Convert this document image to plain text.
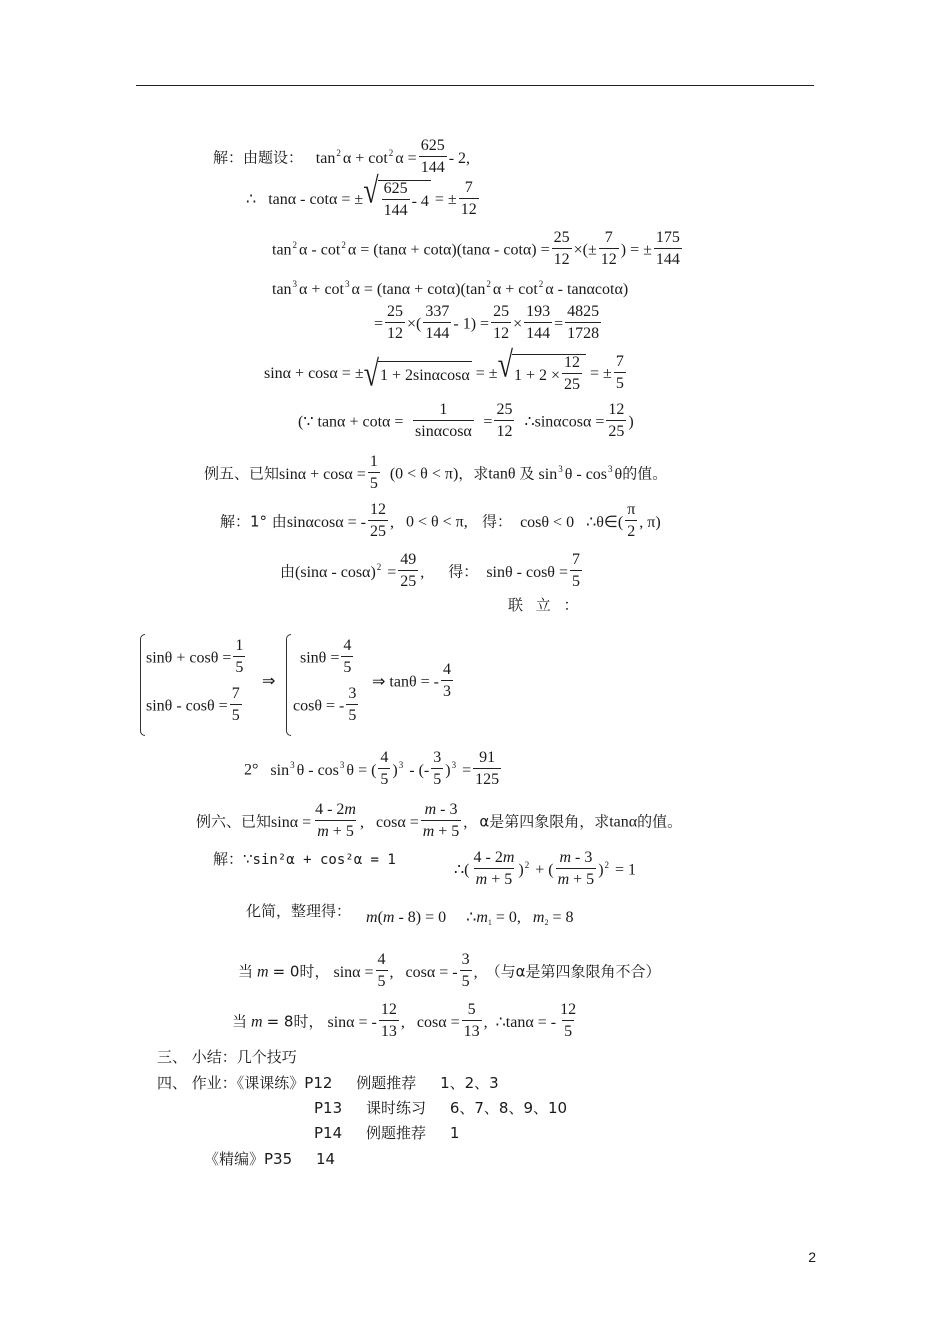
解：由题设：   $\tan^2 \alpha + \cot^2 \alpha = \frac{625}{144} - 2$,
∴   tanα - cotα = ± √ $\frac{625}{144} - 4$ = ± $\frac{7}{12}$
$\tan^2 \alpha - \cot^2 \alpha = (\tan\alpha + \cot\alpha)(\tan\alpha - \cot\alpha) = \frac{25}{12}$ ×(± $\frac{7}{12}$ ) = ± $\frac{175}{144}$
$\tan^3 \alpha + \cot^3 \alpha = (\tan\alpha + \cot\alpha)(\tan^2$ $\alpha + \cot^2 \alpha - \tan\alpha\cot\alpha$)
= $\frac{25}{12}$ ×( $\frac{337}{144} - 1) = \frac{25}{12} \times \frac{193}{144} = \frac{4825}{1728}$
sinα + cosα = ± √ 1 + 2sinαcosα = ± √ $1 + 2 \times \frac{12}{25}$ = ± $\frac{7}{5}$
(∵ $\tan\alpha + \cot\alpha = \frac{1}{\sin\alpha\cos\alpha} = \frac{25}{12}$ ∴sinαcosα = $\frac{12}{25}$ )
例五、已知$\sin\alpha + \cos\alpha = \frac{1}{5} (0 < \theta < \pi)$，求tanθ 及 $\sin^3 \theta - \cos^3 \theta$的值。
解：1° 由sinαcosα = - $\frac{12}{25}$ ,   0 < θ < π, 得：  cosθ < 0   ∴θ∈( $\frac{\pi}{2}$ , π)
由$(\sin\alpha - \cos\alpha)^2 = \frac{49}{25}$ ,      得：  $\sin\theta - \cos\theta = \frac{7}{5}$
联 立 ：
$\sin\theta + \cos\theta = \frac{1}{5}$
⇒
$\sin\theta = \frac{4}{5}$
⇒ tanθ = - $\frac{4}{3}$
$\sin\theta - \cos\theta = \frac{7}{5}$	cosθ = - $\frac{3}{5}$
2°   $\sin^3 \theta - \cos^3 \theta$ = ( $\frac{4}{5} )^3$ - (- $\frac{3}{5} )^3 = \frac{91}{125}$
例六、已知$\sin\alpha = \frac{4 - 2m}{m + 5}$ ,   $\cos\alpha = \frac{m - 3}{m + 5}$ ,   α是第四象限角，求tanα的值。
解：∵sin²α + cos²α = 1
∴( $\frac{4 - 2m}{m + 5} )^2$ + ( $\frac{m - 3}{m + 5} )^2 = 1$
化简，整理得： m(m - 8) = 0     $\therefore m_1 = 0$,   $m_2 = 8$
当 m = 0时， $\sin\alpha = \frac{4}{5}$ ,   cosα = - $\frac{3}{5}$ ,  （与α是第四象限角不合）
当 m = 8时， sinα = - $\frac{12}{13}$ ,   $\cos\alpha = \frac{5}{13}$ ,  ∴tanα = - $\frac{12}{5}$
三、 小结：几个技巧
四、 作业：《课课练》P12     例题推荐     1、2、3
P13     课时练习     6、7、8、9、10
P14     例题推荐     1
《精编》P35     14
2
